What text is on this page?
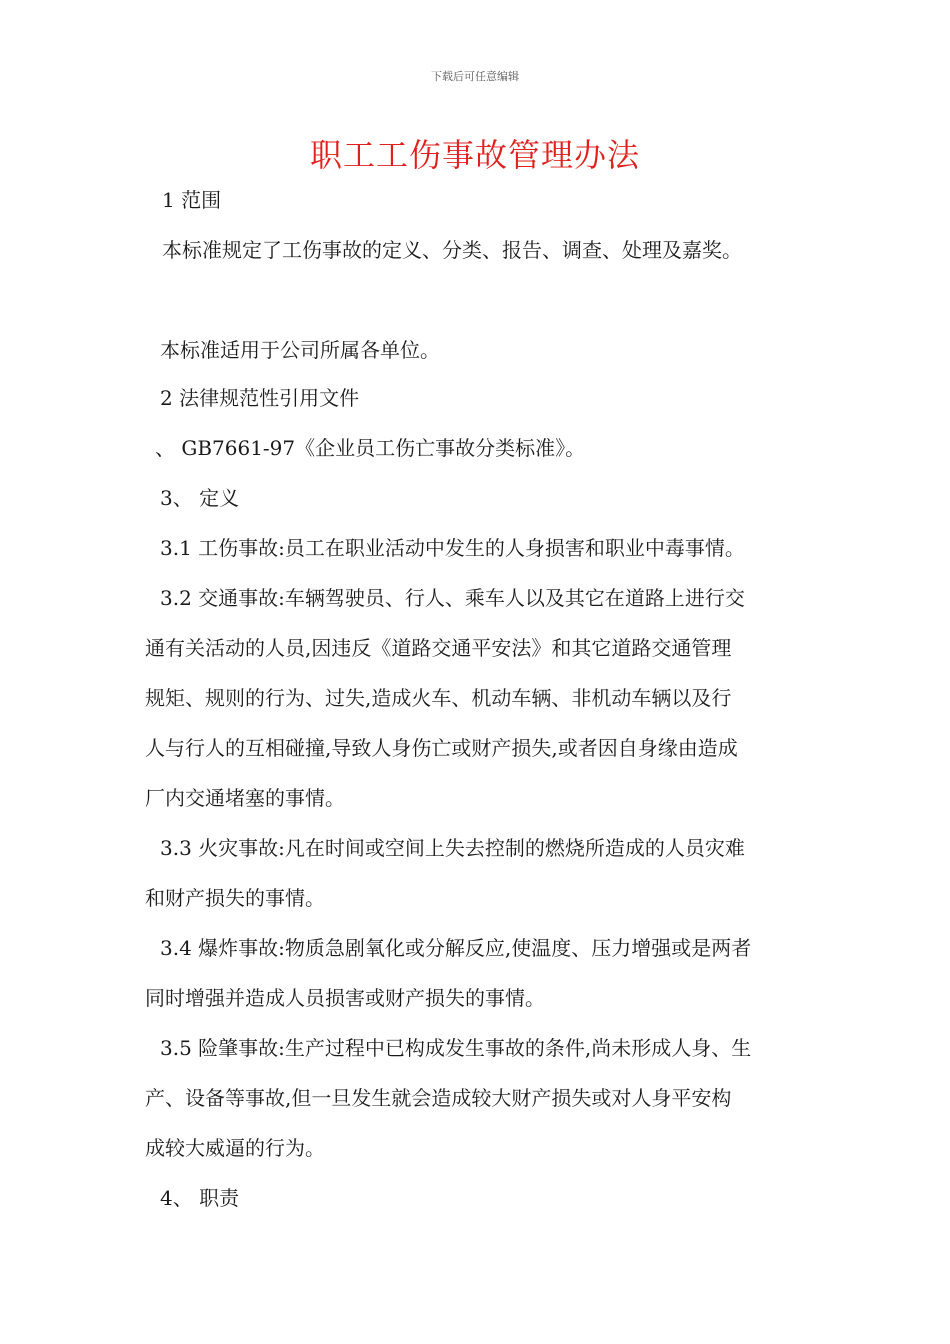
下载后可任意编辑
职工工伤事故管理办法
1 范围
本标准规定了工伤事故的定义、分类、报告、调查、处理及嘉奖。
本标准适用于公司所属各单位。
2 法律规范性引用文件
、 GB7661-97《企业员工伤亡事故分类标准》。
3、 定义
3.1 工伤事故:员工在职业活动中发生的人身损害和职业中毒事情。
3.2 交通事故:车辆驾驶员、行人、乘车人以及其它在道路上进行交
通有关活动的人员,因违反《道路交通平安法》和其它道路交通管理
规矩、规则的行为、过失,造成火车、机动车辆、非机动车辆以及行
人与行人的互相碰撞,导致人身伤亡或财产损失,或者因自身缘由造成
厂内交通堵塞的事情。
3.3 火灾事故:凡在时间或空间上失去控制的燃烧所造成的人员灾难
和财产损失的事情。
3.4 爆炸事故:物质急剧氧化或分解反应,使温度、压力增强或是两者
同时增强并造成人员损害或财产损失的事情。
3.5 险肇事故:生产过程中已构成发生事故的条件,尚未形成人身、生
产、设备等事故,但一旦发生就会造成较大财产损失或对人身平安构
成较大威逼的行为。
4、 职责
